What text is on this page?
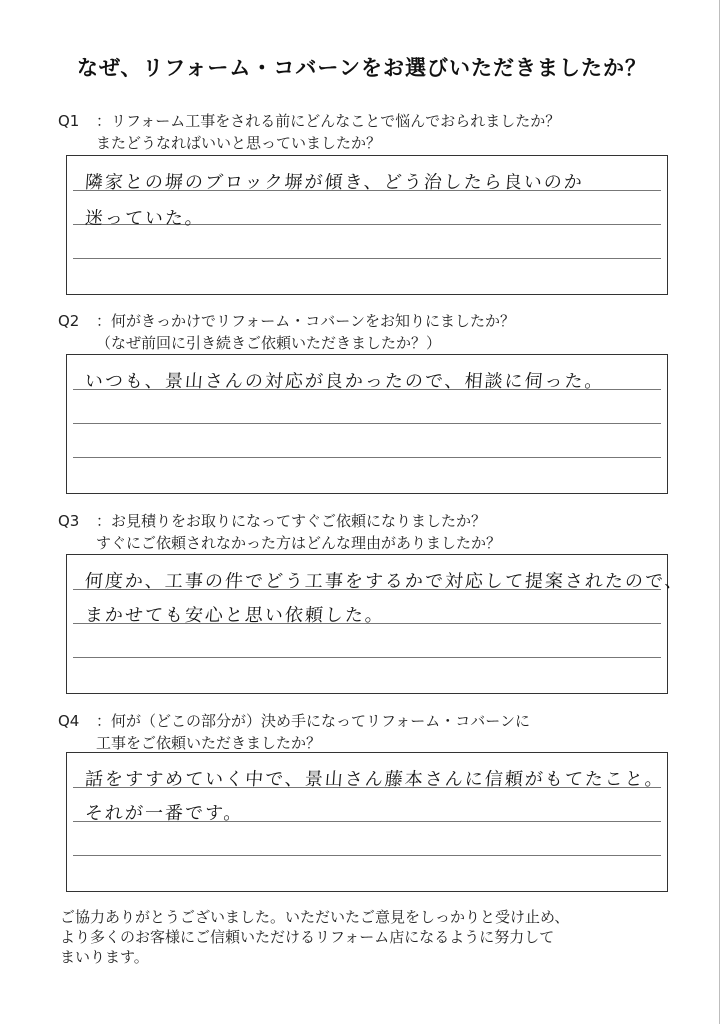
なぜ、リフォーム・コバーンをお選びいただきましたか？
Q1 ：リフォーム工事をされる前にどんなことで悩んでおられましたか？
またどうなればいいと思っていましたか？
隣家との塀のブロック塀が傾き、どう治したら良いのか
迷っていた。
Q2 ：何がきっかけでリフォーム・コバーンをお知りにましたか？
（なぜ前回に引き続きご依頼いただきましたか？）
いつも、景山さんの対応が良かったので、相談に伺った。
Q3 ：お見積りをお取りになってすぐご依頼になりましたか？
すぐにご依頼されなかった方はどんな理由がありましたか？
何度か、工事の件でどう工事をするかで対応して提案されたので、
まかせても安心と思い依頼した。
Q4 ：何が（どこの部分が）決め手になってリフォーム・コバーンに
工事をご依頼いただきましたか？
話をすすめていく中で、景山さん藤本さんに信頼がもてたこと。
それが一番です。
ご協力ありがとうございました。いただいたご意見をしっかりと受け止め、
より多くのお客様にご信頼いただけるリフォーム店になるように努力して
まいります。
